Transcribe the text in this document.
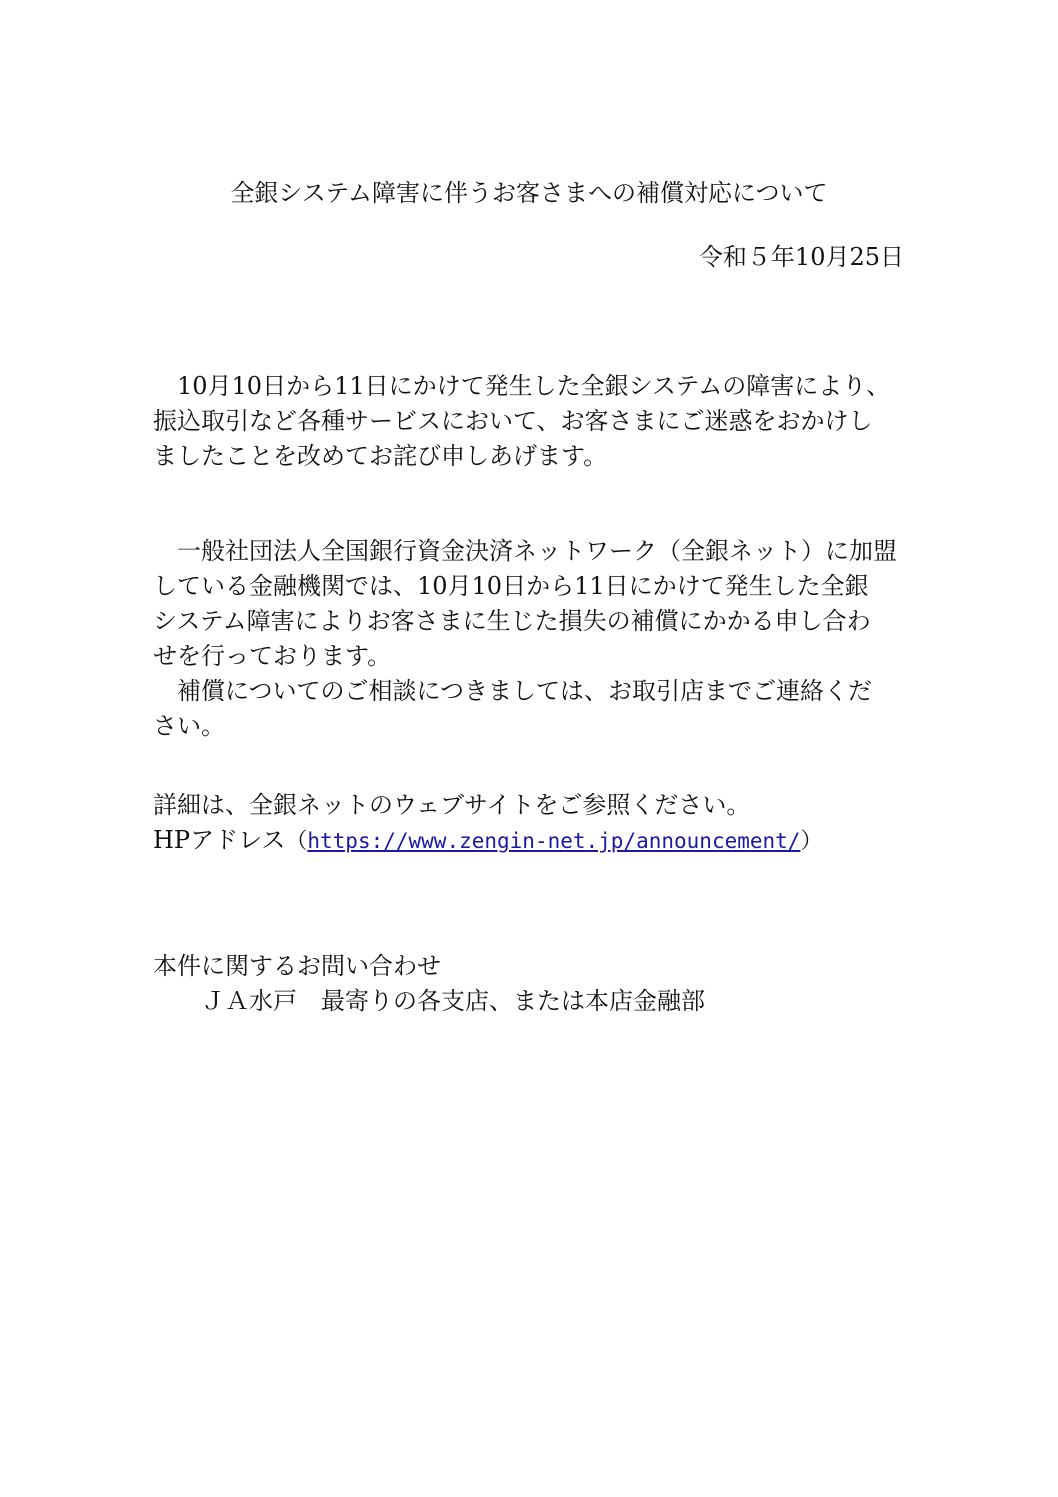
全銀システム障害に伴うお客さまへの補償対応について
令和５年10月25日
10月10日から11日にかけて発生した全銀システムの障害により、
振込取引など各種サービスにおいて、お客さまにご迷惑をおかけし
ましたことを改めてお詫び申しあげます。
一般社団法人全国銀行資金決済ネットワーク（全銀ネット）に加盟
している金融機関では、10月10日から11日にかけて発生した全銀
システム障害によりお客さまに生じた損失の補償にかかる申し合わ
せを行っております。
補償についてのご相談につきましては、お取引店までご連絡くだ
さい。
詳細は、全銀ネットのウェブサイトをご参照ください。
HPアドレス（https://www.zengin-net.jp/announcement/）
本件に関するお問い合わせ
ＪＡ水戸　最寄りの各支店、または本店金融部
